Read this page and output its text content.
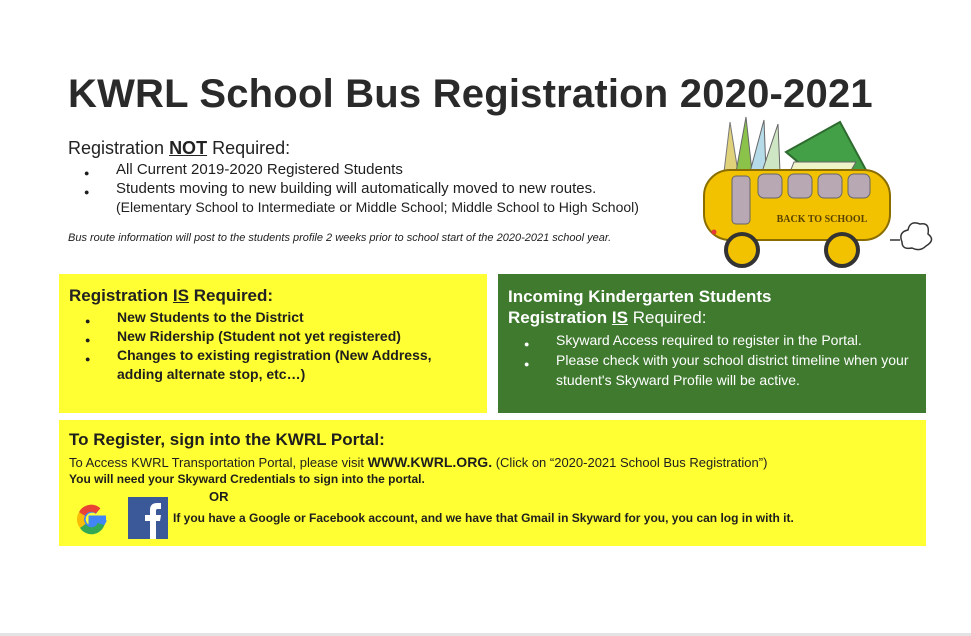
KWRL School Bus Registration 2020-2021
Registration NOT Required:
● All Current 2019-2020 Registered Students
● Students moving to new building will automatically moved to new routes.
(Elementary School to Intermediate or Middle School; Middle School to High School)
Bus route information will post to the students profile 2 weeks prior to school start of the 2020-2021 school year.
BACK TO SCHOOL
Registration IS Required:
● New Students to the District
● New Ridership (Student not yet registered)
● Changes to existing registration (New Address, adding alternate stop, etc…)
Incoming Kindergarten Students
Registration IS Required:
● Skyward Access required to register in the Portal.
● Please check with your school district timeline when your student's Skyward Profile will be active.
To Register, sign into the KWRL Portal:
To Access KWRL Transportation Portal, please visit WWW.KWRL.ORG. (Click on “2020-2021 School Bus Registration”)
You will need your Skyward Credentials to sign into the portal.
OR
If you have a Google or Facebook account, and we have that Gmail in Skyward for you, you can log in with it.
